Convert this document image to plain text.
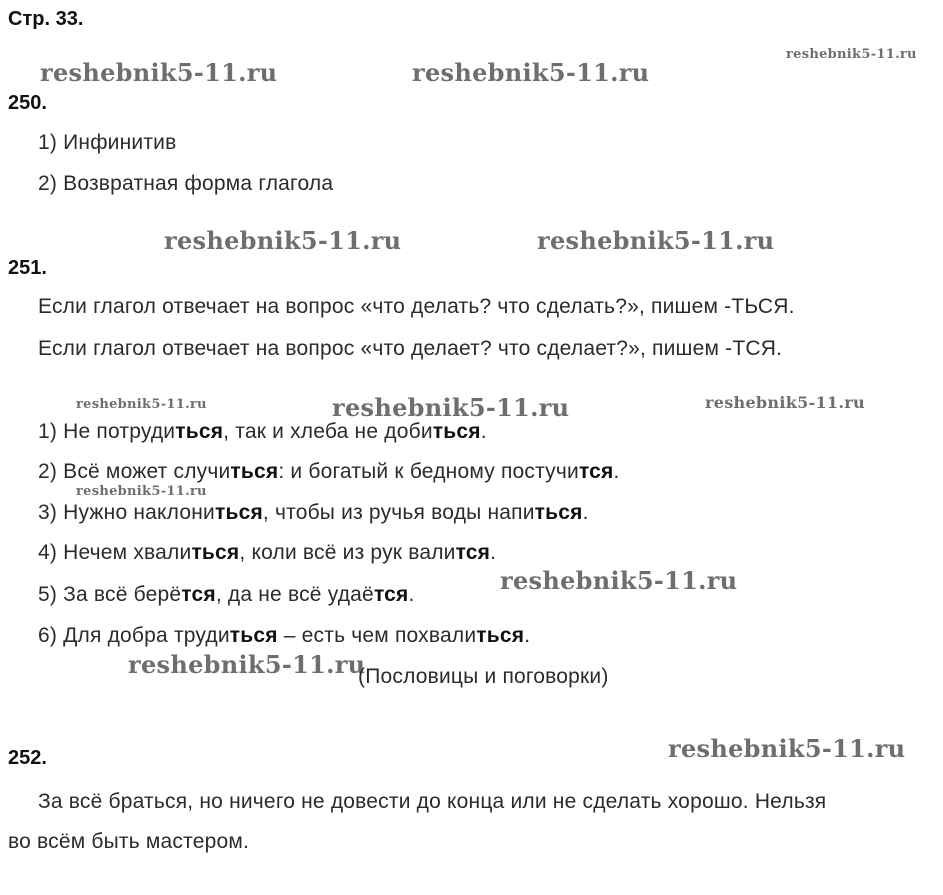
Стр. 33.
reshebnik5-11.ru	reshebnik5-11.ru
reshebnik5-11.ru
250.
1) Инфинитив
2) Возвратная форма глагола
reshebnik5-11.ru	reshebnik5-11.ru
251.
Если глагол отвечает на вопрос «что делать? что сделать?», пишем -ТЬСЯ.
Если глагол отвечает на вопрос «что делает? что сделает?», пишем -ТСЯ.
reshebnik5-11.ru	reshebnik5-11.ru	reshebnik5-11.ru
1) Не потрудиться, так и хлеба не добиться.
2) Всё может случиться: и богатый к бедному постучится.
reshebnik5-11.ru
3) Нужно наклониться, чтобы из ручья воды напиться.
4) Нечем хвалиться, коли всё из рук валится.
reshebnik5-11.ru
5) За всё берётся, да не всё удаётся.
6) Для добра трудиться – есть чем похвалиться.
reshebnik5-11.ru
(Пословицы и поговорки)
reshebnik5-11.ru
252.
За всё браться, но ничего не довести до конца или не сделать хорошо. Нельзя
во всём быть мастером.
